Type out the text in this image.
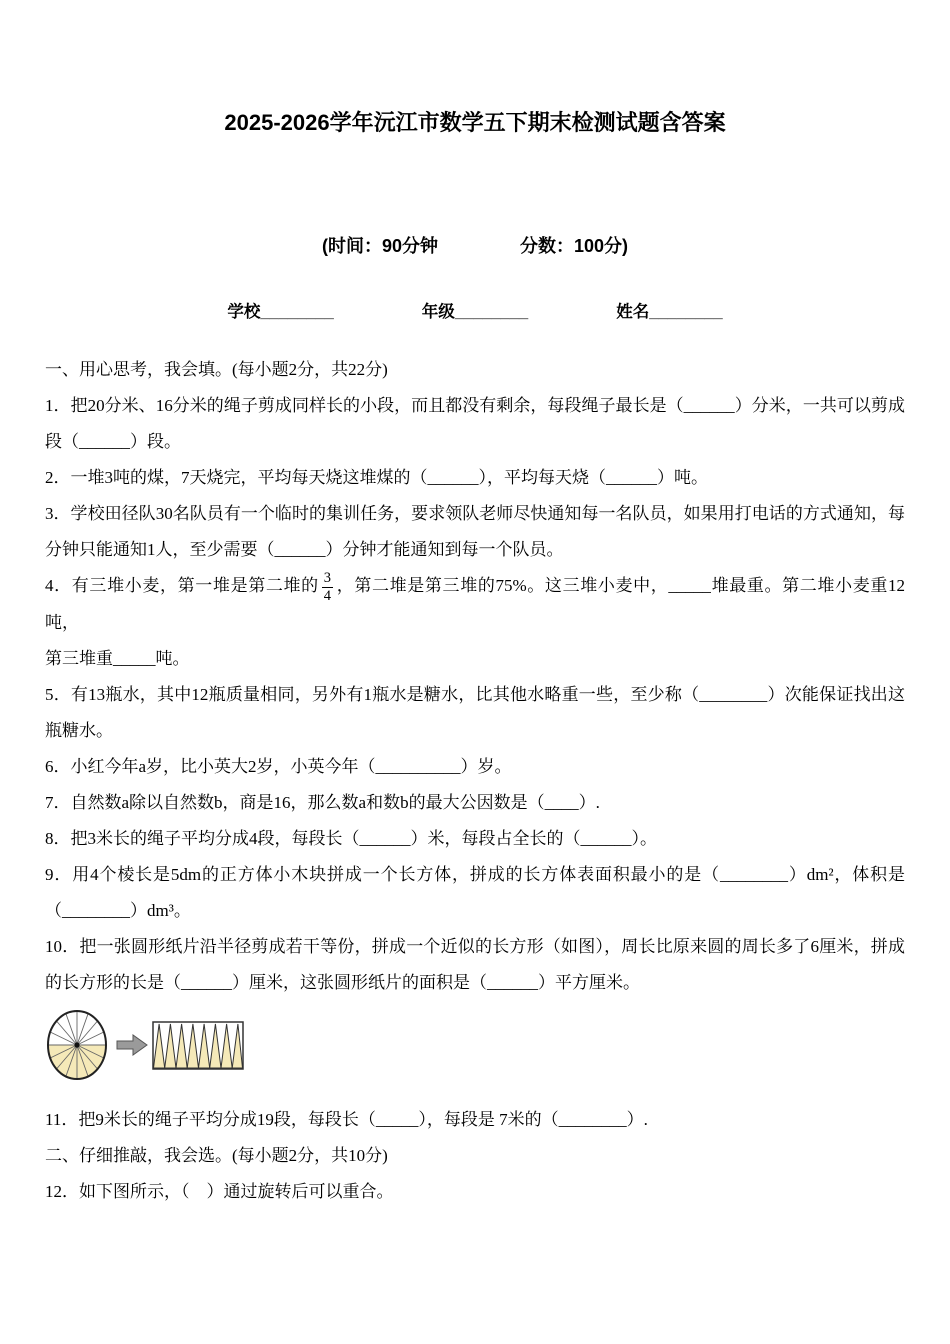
2025-2026学年沅江市数学五下期末检测试题含答案
(时间：90分钟	分数：100分)
学校________	年级________	姓名________

一、用心思考，我会填。(每小题2分，共22分)

1．把20分米、16分米的绳子剪成同样长的小段，而且都没有剩余，每段绳子最长是（______）分米，一共可以剪成段（______）段。

2．一堆3吨的煤，7天烧完，平均每天烧这堆煤的（______），平均每天烧（______）吨。

3．学校田径队30名队员有一个临时的集训任务，要求领队老师尽快通知每一名队员，如果用打电话的方式通知，每分钟只能通知1人，至少需要（______）分钟才能通知到每一个队员。

4．有三堆小麦，第一堆是第二堆的 $\frac{3}{4}$ ，第二堆是第三堆的75%。这三堆小麦中，_____堆最重。第二堆小麦重12吨，

第三堆重_____吨。

5．有13瓶水，其中12瓶质量相同，另外有1瓶水是糖水，比其他水略重一些，至少称（________）次能保证找出这瓶糖水。

6．小红今年a岁，比小英大2岁，小英今年（__________）岁。

7．自然数a除以自然数b，商是16，那么数a和数b的最大公因数是（____）.

8．把3米长的绳子平均分成4段，每段长（______）米，每段占全长的（______）。

9．用4个棱长是5dm的正方体小木块拼成一个长方体，拼成的长方体表面积最小的是（________）dm²，体积是（________）dm³。

10．把一张圆形纸片沿半径剪成若干等份，拼成一个近似的长方形（如图），周长比原来圆的周长多了6厘米，拼成的长方形的长是（______）厘米，这张圆形纸片的面积是（______）平方厘米。

11．把9米长的绳子平均分成19段，每段长（_____），每段是 7米的（________）.

二、仔细推敲，我会选。(每小题2分，共10分)

12．如下图所示，（　）通过旋转后可以重合。
